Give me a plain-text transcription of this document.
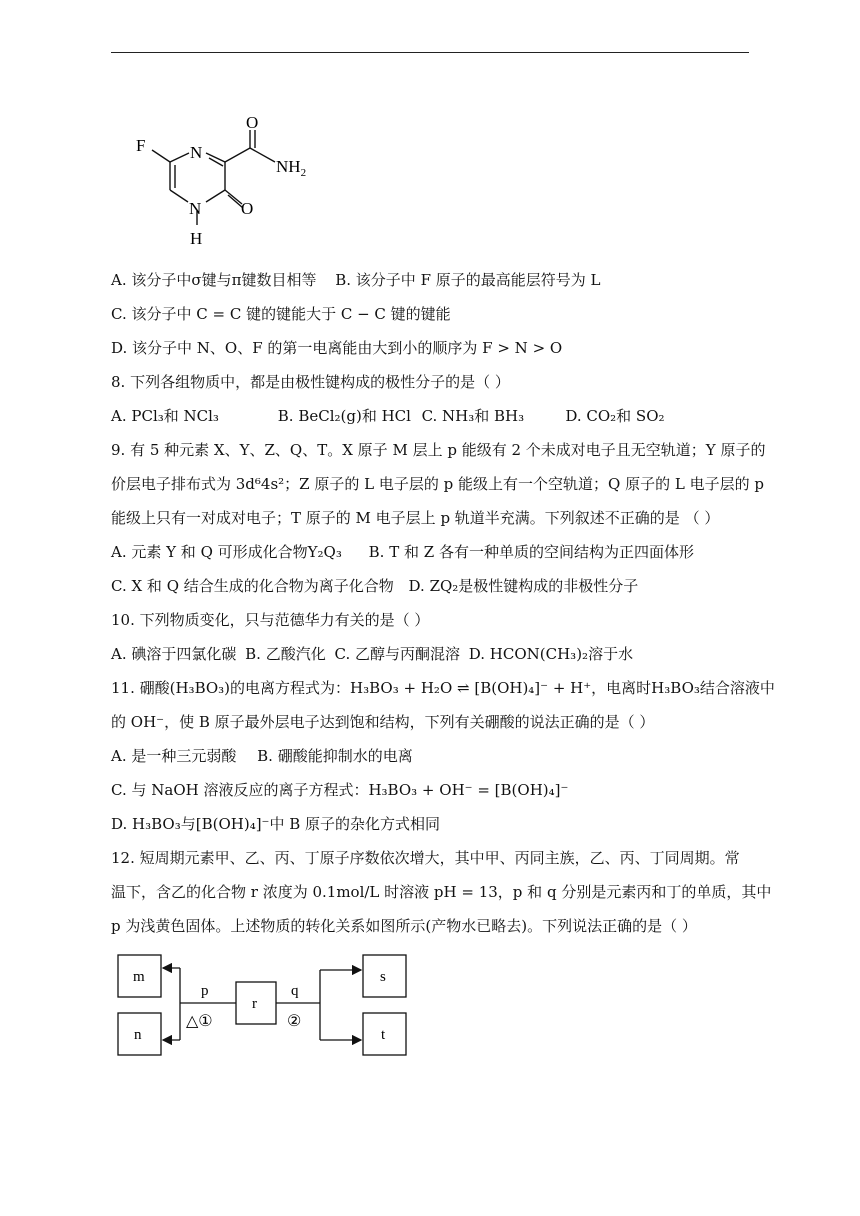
F	N
O
$NH_2$
N
H
O
A. 该分子中σ键与π键数目相等 B. 该分子中 F 原子的最高能层符号为 L
C. 该分子中 C = C 键的键能大于 C − C 键的键能
D. 该分子中 N、O、F 的第一电离能由大到小的顺序为 F > N > O
8. 下列各组物质中，都是由极性键构成的极性分子的是（ ）
A. PCl₃和 NCl₃	B. BeCl₂(g)和 HCl C. NH₃和 BH₃	D. CO₂和 SO₂
9. 有 5 种元素 X、Y、Z、Q、T。X 原子 M 层上 p 能级有 2 个未成对电子且无空轨道；Y 原子的
价层电子排布式为 3d⁶4s²；Z 原子的 L 电子层的 p 能级上有一个空轨道；Q 原子的 L 电子层的 p
能级上只有一对成对电子；T 原子的 M 电子层上 p 轨道半充满。下列叙述不正确的是 （ ）
A. 元素 Y 和 Q 可形成化合物Y₂Q₃ B. T 和 Z 各有一种单质的空间结构为正四面体形
C. X 和 Q 结合生成的化合物为离子化合物 D. ZQ₂是极性键构成的非极性分子
10. 下列物质变化，只与范德华力有关的是（ ）
A. 碘溶于四氯化碳 B. 乙酸汽化 C. 乙醇与丙酮混溶 D. HCON(CH₃)₂溶于水
11. 硼酸(H₃BO₃)的电离方程式为：H₃BO₃ + H₂O ⇌ [B(OH)₄]⁻ + H⁺，电离时H₃BO₃结合溶液中
的 OH⁻，使 B 原子最外层电子达到饱和结构，下列有关硼酸的说法正确的是（ ）
A. 是一种三元弱酸 B. 硼酸能抑制水的电离
C. 与 NaOH 溶液反应的离子方程式：H₃BO₃ + OH⁻ = [B(OH)₄]⁻
D. H₃BO₃与[B(OH)₄]⁻中 B 原子的杂化方式相同
12. 短周期元素甲、乙、丙、丁原子序数依次增大，其中甲、丙同主族，乙、丙、丁同周期。常
温下，含乙的化合物 r 浓度为 0.1mol/L 时溶液 pH = 13，p 和 q 分别是元素丙和丁的单质，其中
p 为浅黄色固体。上述物质的转化关系如图所示(产物水已略去)。下列说法正确的是（ ）
m
n
r
s
t
p	q
△①	②
